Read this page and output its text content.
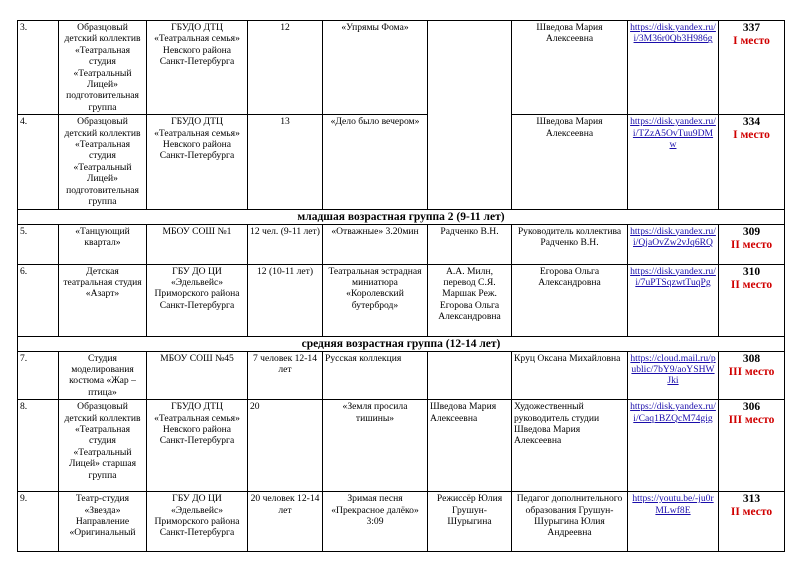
3.	Образцовый детский коллектив «Театральная студия «Театральный Лицей» подготовительная группа	ГБУДО ДТЦ «Театральная семья» Невского района Санкт-Петербурга	12	«Упрямы Фома»		Шведова Мария Алексеевна	https://disk.yandex.ru/i/3M36r0Qb3H986g	337
I место

4.	Образцовый детский коллектив «Театральная студия «Театральный Лицей» подготовительная группа	ГБУДО ДТЦ «Театральная семья» Невского района Санкт-Петербурга	13	«Дело было вечером»		Шведова Мария Алексеевна	https://disk.yandex.ru/i/TZzA5OvTuu9DMw	334
I место

младшая возрастная группа 2 (9-11 лет)								
5.	«Танцующий квартал»	МБОУ СОШ №1	12 чел. (9-11 лет)	«Отважные» 3.20мин	Радченко В.Н.	Руководитель коллектива Радченко В.Н.	https://disk.yandex.ru/i/QjaOvZw2vJq6RQ	309
II место

6.	Детская театральная студия «Азарт»	ГБУ ДО ЦИ «Эдельвейс» Приморского района Санкт-Петербурга	12 (10-11 лет)	Театральная эстрадная миниатюра «Королевский бутерброд»	А.А. Милн, перевод С.Я. Маршак Реж. Егорова Ольга Александровна	Егорова Ольга Александровна	https://disk.yandex.ru/i/7uPTSqzwtTuqPg	310
II место

средняя возрастная группа (12-14 лет)								
7.	Студия моделирования костюма «Жар – птица»	МБОУ СОШ №45	7 человек 12-14 лет	Русская коллекция		Круц Оксана Михайловна	https://cloud.mail.ru/public/7bY9/aoYSHWJki	308
III место

8.	Образцовый детский коллектив «Театральная студия «Театральный Лицей» старшая группа	ГБУДО ДТЦ «Театральная семья» Невского района Санкт-Петербурга	20	«Земля просила тишины»	Шведова Мария Алексеевна	Художественный руководитель студии Шведова Мария Алексеевна	https://disk.yandex.ru/i/Caq1BZQcM74gig	306
III место

9.	Театр-студия «Звезда» Направление «Оригинальный	ГБУ ДО ЦИ «Эдельвейс» Приморского района Санкт-Петербурга	20 человек 12-14 лет	Зримая песня «Прекрасное далёко» 3:09	Режиссёр Юлия Грушун-Шурыгина	Педагог дополнительного образования Грушун-Шурыгина Юлия Андреевна	https://youtu.be/-ju0rMLwf8E	313
II место
